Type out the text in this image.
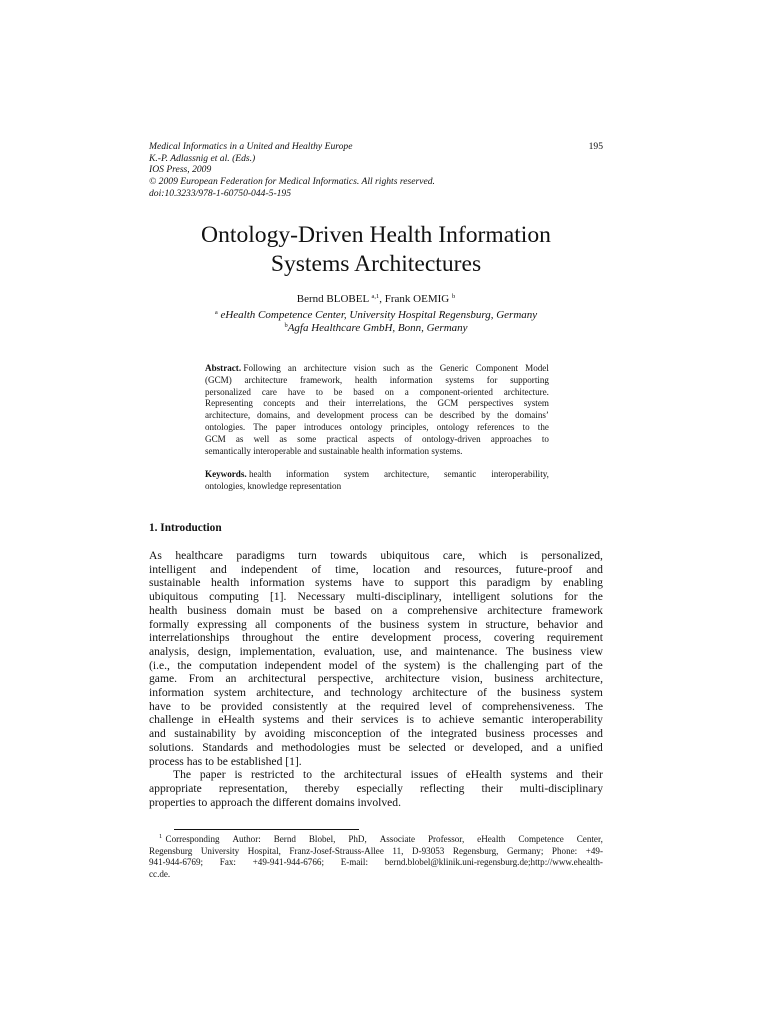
Medical Informatics in a United and Healthy Europe
K.-P. Adlassnig et al. (Eds.)
IOS Press, 2009
© 2009 European Federation for Medical Informatics. All rights reserved.
doi:10.3233/978-1-60750-044-5-195
195
Ontology-Driven Health Information
Systems Architectures
Bernd BLOBEL $^{a,1}$, Frank OEMIG $^b$
$^a$ eHealth Competence Center, University Hospital Regensburg, Germany
$^b$Agfa Healthcare GmbH, Bonn, Germany
Abstract. Following an architecture vision such as the Generic Component Model
(GCM) architecture framework, health information systems for supporting
personalized care have to be based on a component-oriented architecture.
Representing concepts and their interrelations, the GCM perspectives system
architecture, domains, and development process can be described by the domains’
ontologies. The paper introduces ontology principles, ontology references to the
GCM as well as some practical aspects of ontology-driven approaches to
semantically interoperable and sustainable health information systems.
Keywords. health information system architecture, semantic interoperability,
ontologies, knowledge representation
1. Introduction
As healthcare paradigms turn towards ubiquitous care, which is personalized,
intelligent and independent of time, location and resources, future-proof and
sustainable health information systems have to support this paradigm by enabling
ubiquitous computing [1]. Necessary multi-disciplinary, intelligent solutions for the
health business domain must be based on a comprehensive architecture framework
formally expressing all components of the business system in structure, behavior and
interrelationships throughout the entire development process, covering requirement
analysis, design, implementation, evaluation, use, and maintenance. The business view
(i.e., the computation independent model of the system) is the challenging part of the
game. From an architectural perspective, architecture vision, business architecture,
information system architecture, and technology architecture of the business system
have to be provided consistently at the required level of comprehensiveness. The
challenge in eHealth systems and their services is to achieve semantic interoperability
and sustainability by avoiding misconception of the integrated business processes and
solutions. Standards and methodologies must be selected or developed, and a unified
process has to be established [1].
The paper is restricted to the architectural issues of eHealth systems and their
appropriate representation, thereby especially reflecting their multi-disciplinary
properties to approach the different domains involved.
$^1$  Corresponding Author: Bernd Blobel, PhD, Associate Professor, eHealth Competence Center,
Regensburg University Hospital, Franz-Josef-Strauss-Allee 11, D-93053 Regensburg, Germany; Phone: +49-
941-944-6769; Fax: +49-941-944-6766; E-mail: bernd.blobel@klinik.uni-regensburg.de;http://www.ehealth-
cc.de.
